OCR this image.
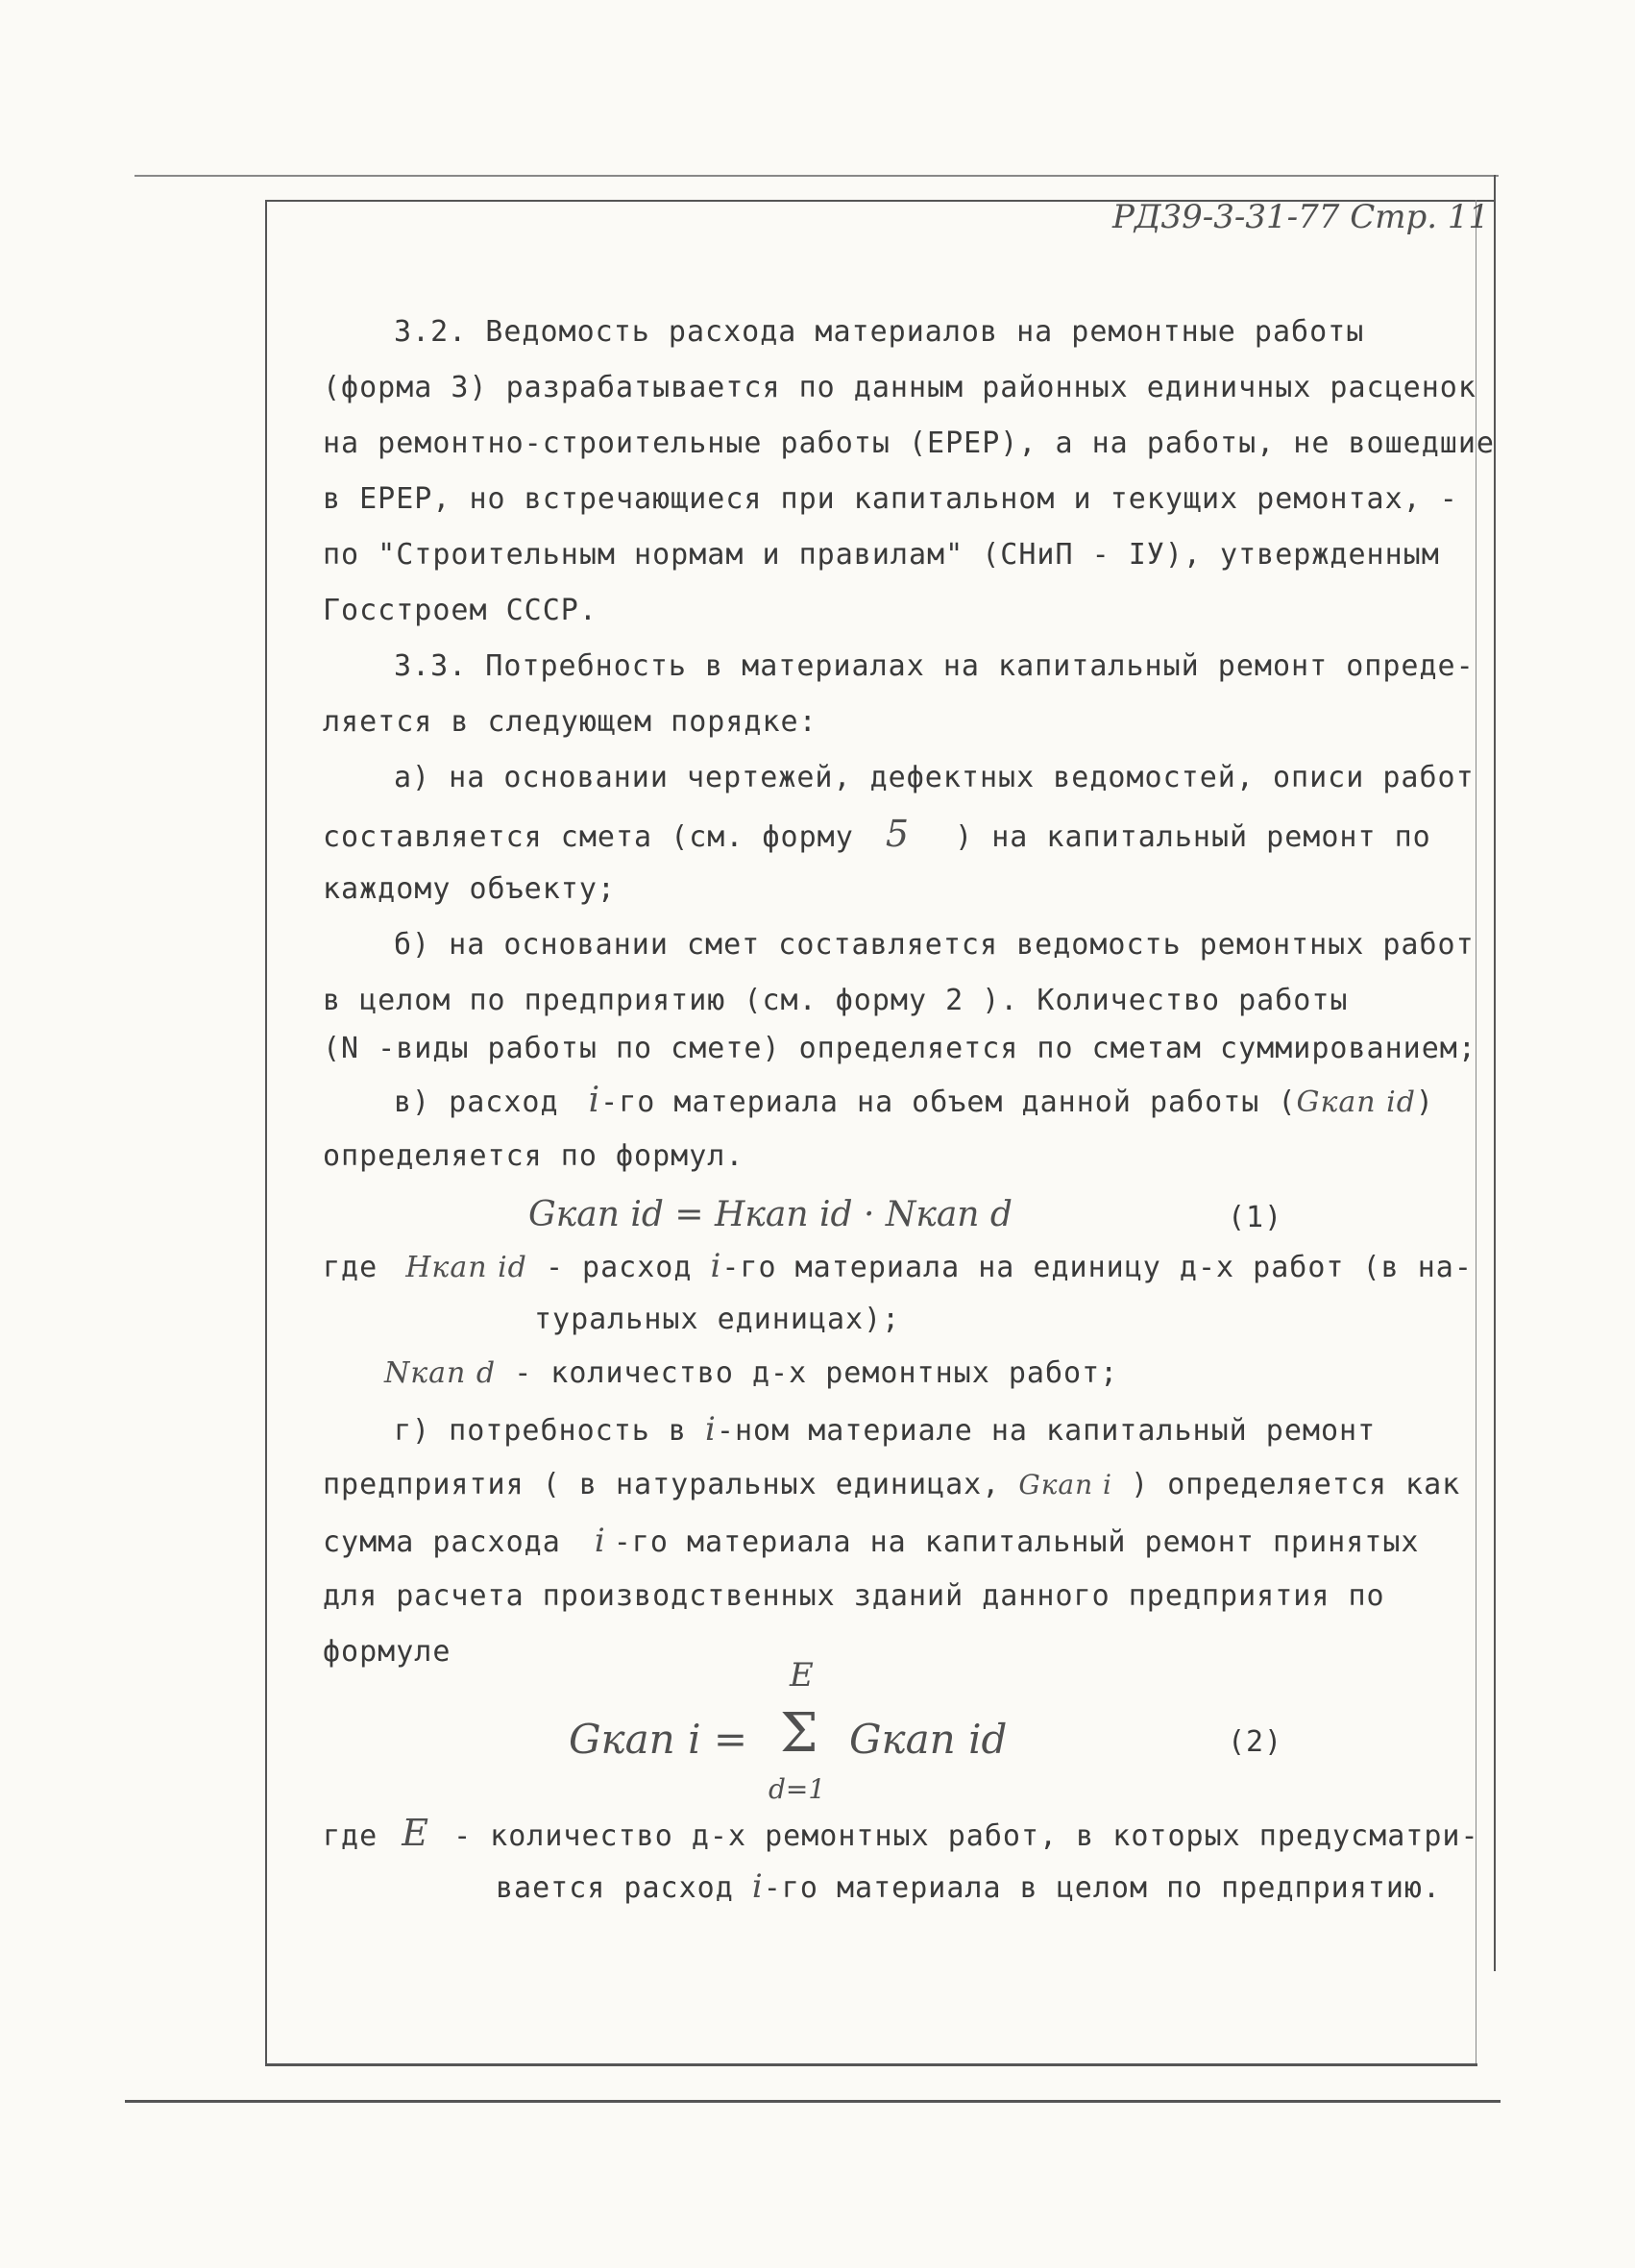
РД39-3-31-77 Стр. 11
3.2. Ведомость расхода материалов на ремонтные работы
(форма 3) разрабатывается по данным районных единичных расценок
на ремонтно-строительные работы (ЕРЕР), а на работы, не вошедшие
в ЕРЕР, но встречающиеся при капитальном и текущих ремонтах, -
по "Строительным нормам и правилам" (СНиП - IУ), утвержденным
Госстроем СССР.
3.3. Потребность в материалах на капитальный ремонт опреде-
ляется в следующем порядке:
а) на основании чертежей, дефектных ведомостей, описи работ
составляется смета (см. форму 5 ) на капитальный ремонт по
каждому объекту;
б) на основании смет составляется ведомость ремонтных работ
в целом по предприятию (см. форму 2 ). Количество работы
(N -виды работы по смете) определяется по сметам суммированием;
в) расход i-го материала на объем данной работы (Gкап id)
определяется по формул.
Gкап id = Hкап id · Nкап d	(1)
где Hкап id - расход i-го материала на единицу д-х работ (в на-
туральных единицах);
Nкап d - количество д-х ремонтных работ;
г) потребность в i-ном материале на капитальный ремонт
предприятия ( в натуральных единицах, Gкап i ) определяется как
сумма расхода i -го материала на капитальный ремонт принятых
для расчета производственных зданий данного предприятия по
формуле
E
Gкап i = Σ Gкап id
d=1
(2)
где E - количество д-х ремонтных работ, в которых предусматри-
вается расход i-го материала в целом по предприятию.
